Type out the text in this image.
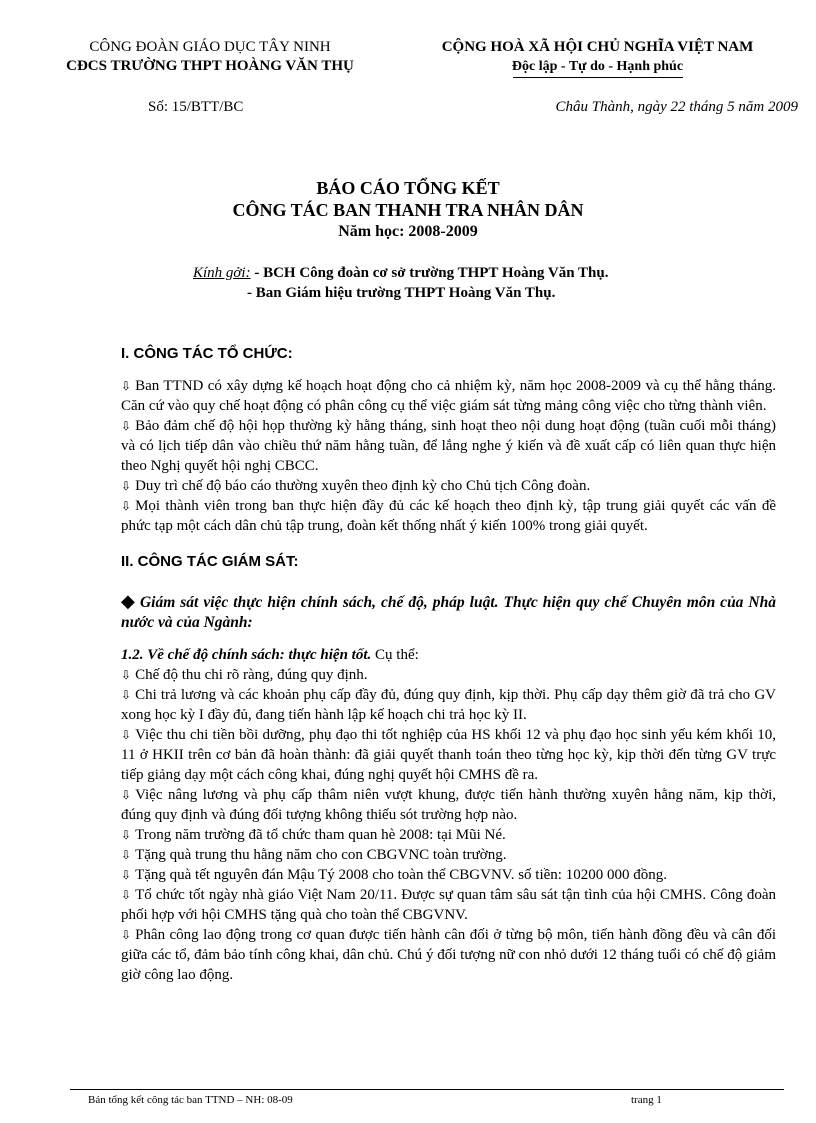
CÔNG ĐOÀN GIÁO DỤC TÂY NINH
CĐCS TRƯỜNG THPT HOÀNG VĂN THỤ
CỘNG HOÀ XÃ HỘI CHỦ NGHĨA VIỆT NAM
Độc lập - Tự do - Hạnh phúc
Số: 15/BTT/BC	Châu Thành, ngày 22 tháng 5 năm 2009
BÁO CÁO TỔNG KẾT
CÔNG TÁC BAN THANH TRA NHÂN DÂN
Năm học: 2008-2009
Kính gởi: - BCH Công đoàn cơ sở trường THPT Hoàng Văn Thụ.
- Ban Giám hiệu trường THPT Hoàng Văn Thụ.
I. CÔNG TÁC TỔ CHỨC:

⇩ Ban TTND có xây dựng kế hoạch hoạt động cho cả nhiệm kỳ, năm học 2008-2009 và cụ thể hằng tháng. Căn cứ vào quy chế hoạt động có phân công cụ thể việc giám sát từng mảng công việc cho từng thành viên.

⇩ Bảo đảm chế độ hội họp thường kỳ hằng tháng, sinh hoạt theo nội dung hoạt động (tuần cuối mỗi tháng) và có lịch tiếp dân vào chiều thứ năm hằng tuần, để lắng nghe ý kiến và đề xuất cấp có liên quan thực hiện theo Nghị quyết hội nghị CBCC.

⇩ Duy trì chế độ báo cáo thường xuyên theo định kỳ cho Chủ tịch Công đoàn.

⇩ Mọi thành viên trong ban thực hiện đầy đủ các kế hoạch theo định kỳ, tập trung giải quyết các vấn đề phức tạp một cách dân chủ tập trung, đoàn kết thống nhất ý kiến 100% trong giải quyết.

II. CÔNG TÁC GIÁM SÁT:

◆ Giám sát việc thực hiện chính sách, chế độ, pháp luật. Thực hiện quy chế Chuyên môn của Nhà nước và của Ngành:

1.2. Về chế độ chính sách: thực hiện tốt. Cụ thể:

⇩ Chế độ thu chi rõ ràng, đúng quy định.

⇩ Chi trả lương và các khoản phụ cấp đầy đủ, đúng quy định, kịp thời. Phụ cấp dạy thêm giờ đã trả cho GV xong học kỳ I đầy đủ, đang tiến hành lập kế hoạch chi trả học kỳ II.

⇩ Việc thu chi tiền bồi dưỡng, phụ đạo thi tốt nghiệp của HS khối 12 và phụ đạo học sinh yếu kém khối 10, 11 ở HKII trên cơ bản đã hoàn thành: đã giải quyết thanh toán theo từng học kỳ, kịp thời đến từng GV trực tiếp giảng dạy một cách công khai, đúng nghị quyết hội CMHS đề ra.

⇩ Việc nâng lương và phụ cấp thâm niên vượt khung, được tiến hành thường xuyên hằng năm, kịp thời, đúng quy định và đúng đối tượng không thiếu sót trường hợp nào.

⇩ Trong năm trường đã tổ chức tham quan hè 2008: tại Mũi Né.

⇩ Tặng quà trung thu hằng năm cho con CBGVNC toàn trường.

⇩ Tặng quà tết nguyên đán Mậu Tý 2008 cho toàn thể CBGVNV. số tiền: 10200 000 đồng.

⇩ Tổ chức tốt ngày nhà giáo Việt Nam 20/11. Được sự quan tâm sâu sát tận tình của hội CMHS. Công đoàn phối hợp với hội CMHS tặng quà cho toàn thể CBGVNV.

⇩ Phân công lao động trong cơ quan được tiến hành cân đối ở từng bộ môn, tiến hành đồng đều và cân đối giữa các tổ, đảm bảo tính công khai, dân chủ. Chú ý đối tượng nữ con nhỏ dưới 12 tháng tuổi có chế độ giảm giờ công lao động.

Bản tổng kết công tác ban TTND – NH: 08-09	trang 1
